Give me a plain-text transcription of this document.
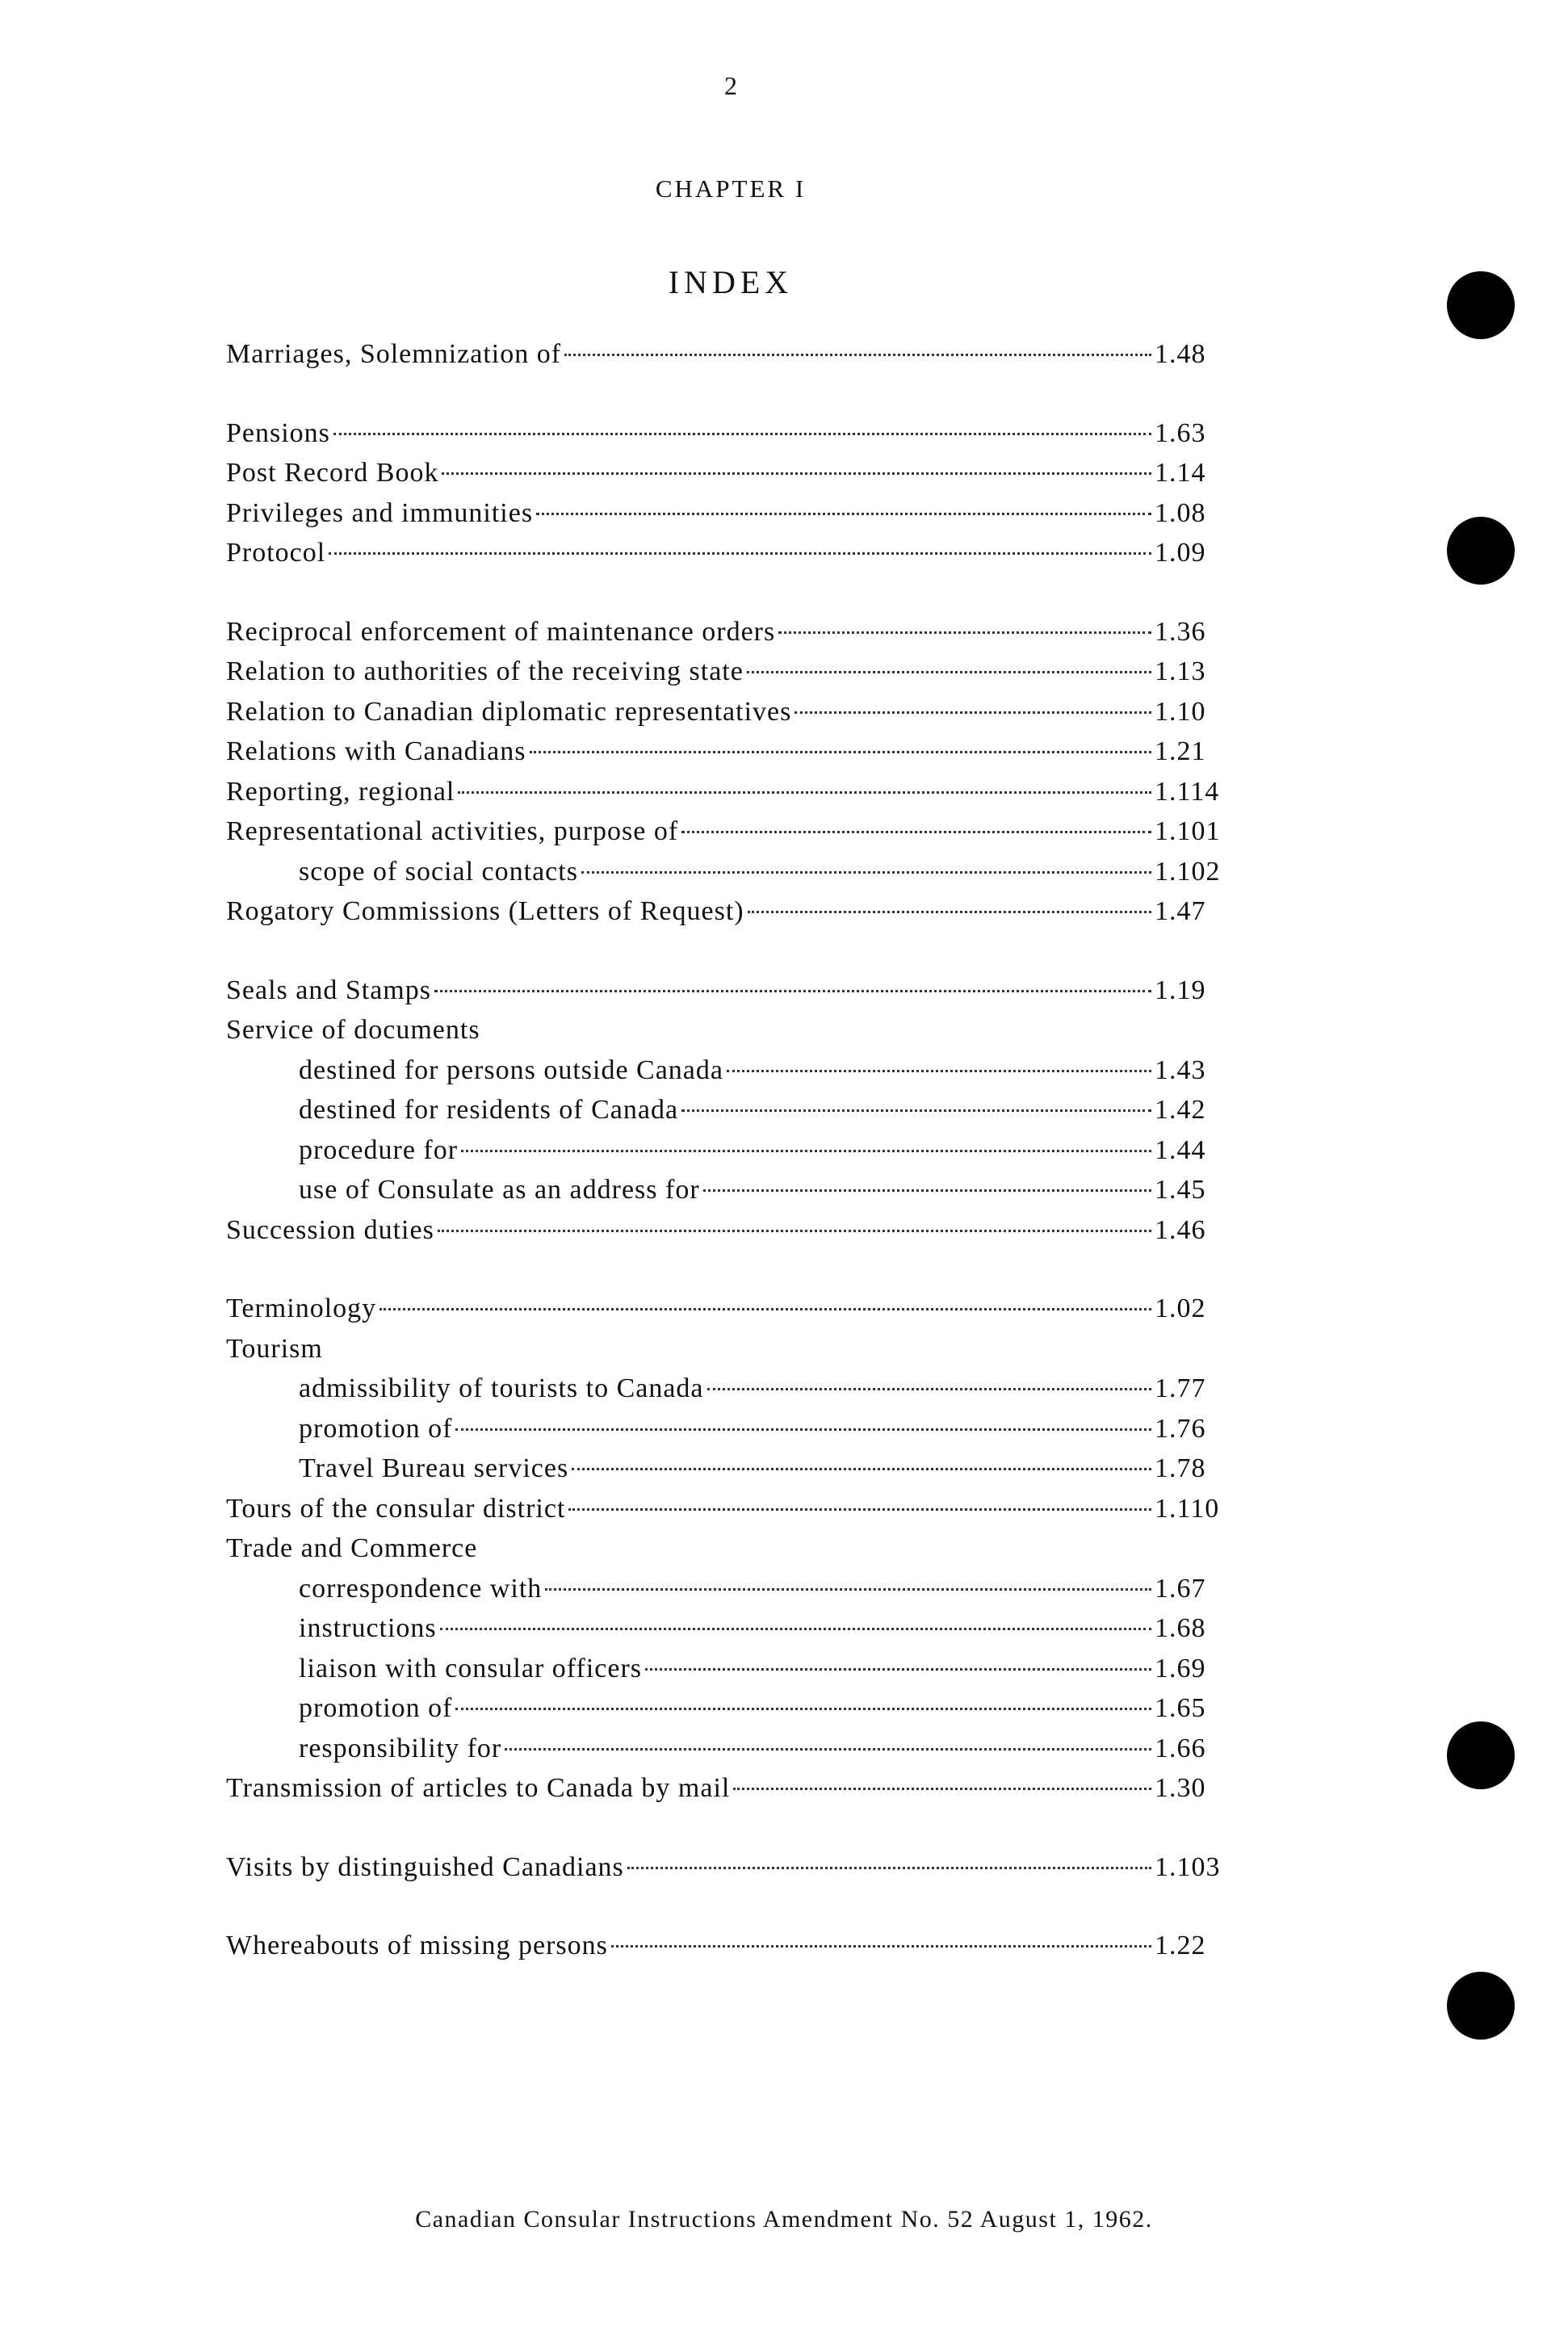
2
CHAPTER I
INDEX
Marriages, Solemnization of	1.48
Pensions	1.63
Post Record Book	1.14
Privileges and immunities	1.08
Protocol	1.09
Reciprocal enforcement of maintenance orders	1.36
Relation to authorities of the receiving state	1.13
Relation to Canadian diplomatic representatives	1.10
Relations with Canadians	1.21
Reporting, regional	1.114
Representational activities, purpose of	1.101
scope of social contacts	1.102
Rogatory Commissions (Letters of Request)	1.47
Seals and Stamps	1.19
Service of documents
destined for persons outside Canada	1.43
destined for residents of Canada	1.42
procedure for	1.44
use of Consulate as an address for	1.45
Succession duties	1.46
Terminology	1.02
Tourism
admissibility of tourists to Canada	1.77
promotion of	1.76
Travel Bureau services	1.78
Tours of the consular district	1.110
Trade and Commerce
correspondence with	1.67
instructions	1.68
liaison with consular officers	1.69
promotion of	1.65
responsibility for	1.66
Transmission of articles to Canada by mail	1.30
Visits by distinguished Canadians	1.103
Whereabouts of missing persons	1.22
Canadian Consular Instructions Amendment No. 52 August 1, 1962.
